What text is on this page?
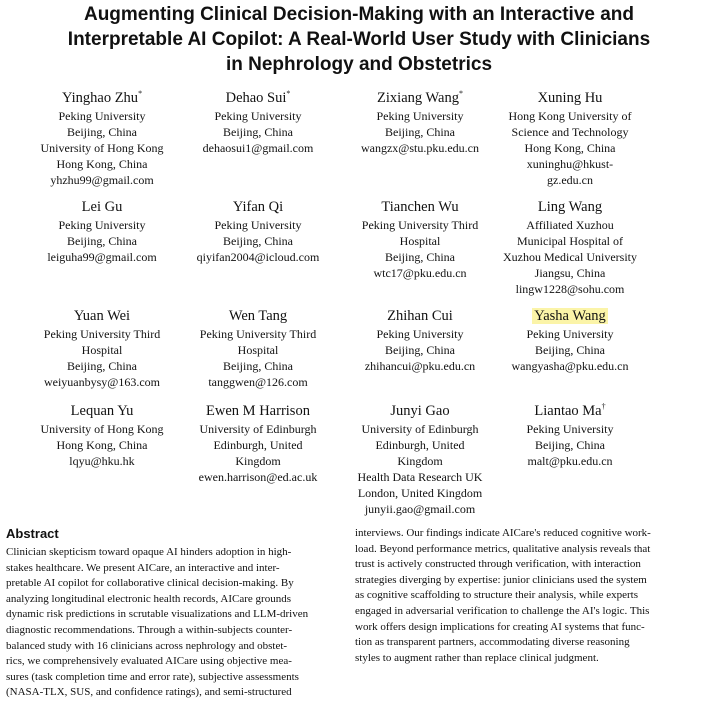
Augmenting Clinical Decision-Making with an Interactive and
Interpretable AI Copilot: A Real-World User Study with Clinicians
in Nephrology and Obstetrics
Yinghao Zhu*
Peking University
Beijing, China
University of Hong Kong
Hong Kong, China
yhzhu99@gmail.com
Dehao Sui*
Peking University
Beijing, China
dehaosui1@gmail.com
Zixiang Wang*
Peking University
Beijing, China
wangzx@stu.pku.edu.cn
Xuning Hu
Hong Kong University of
Science and Technology
Hong Kong, China
xuninghu@hkust-
gz.edu.cn
Lei Gu
Peking University
Beijing, China
leiguha99@gmail.com
Yifan Qi
Peking University
Beijing, China
qiyifan2004@icloud.com
Tianchen Wu
Peking University Third
Hospital
Beijing, China
wtc17@pku.edu.cn
Ling Wang
Affiliated Xuzhou
Municipal Hospital of
Xuzhou Medical University
Jiangsu, China
lingw1228@sohu.com
Yuan Wei
Peking University Third
Hospital
Beijing, China
weiyuanbysy@163.com
Wen Tang
Peking University Third
Hospital
Beijing, China
tanggwen@126.com
Zhihan Cui
Peking University
Beijing, China
zhihancui@pku.edu.cn
Yasha Wang
Peking University
Beijing, China
wangyasha@pku.edu.cn
Lequan Yu
University of Hong Kong
Hong Kong, China
lqyu@hku.hk
Ewen M Harrison
University of Edinburgh
Edinburgh, United
Kingdom
ewen.harrison@ed.ac.uk
Junyi Gao
University of Edinburgh
Edinburgh, United
Kingdom
Health Data Research UK
London, United Kingdom
junyii.gao@gmail.com
Liantao Ma†
Peking University
Beijing, China
malt@pku.edu.cn
Abstract
Clinician skepticism toward opaque AI hinders adoption in high-
stakes healthcare. We present AICare, an interactive and inter-
pretable AI copilot for collaborative clinical decision-making. By
analyzing longitudinal electronic health records, AICare grounds
dynamic risk predictions in scrutable visualizations and LLM-driven
diagnostic recommendations. Through a within-subjects counter-
balanced study with 16 clinicians across nephrology and obstet-
rics, we comprehensively evaluated AICare using objective mea-
sures (task completion time and error rate), subjective assessments
(NASA-TLX, SUS, and confidence ratings), and semi-structured
interviews. Our findings indicate AICare's reduced cognitive work-
load. Beyond performance metrics, qualitative analysis reveals that
trust is actively constructed through verification, with interaction
strategies diverging by expertise: junior clinicians used the system
as cognitive scaffolding to structure their analysis, while experts
engaged in adversarial verification to challenge the AI's logic. This
work offers design implications for creating AI systems that func-
tion as transparent partners, accommodating diverse reasoning
styles to augment rather than replace clinical judgment.
